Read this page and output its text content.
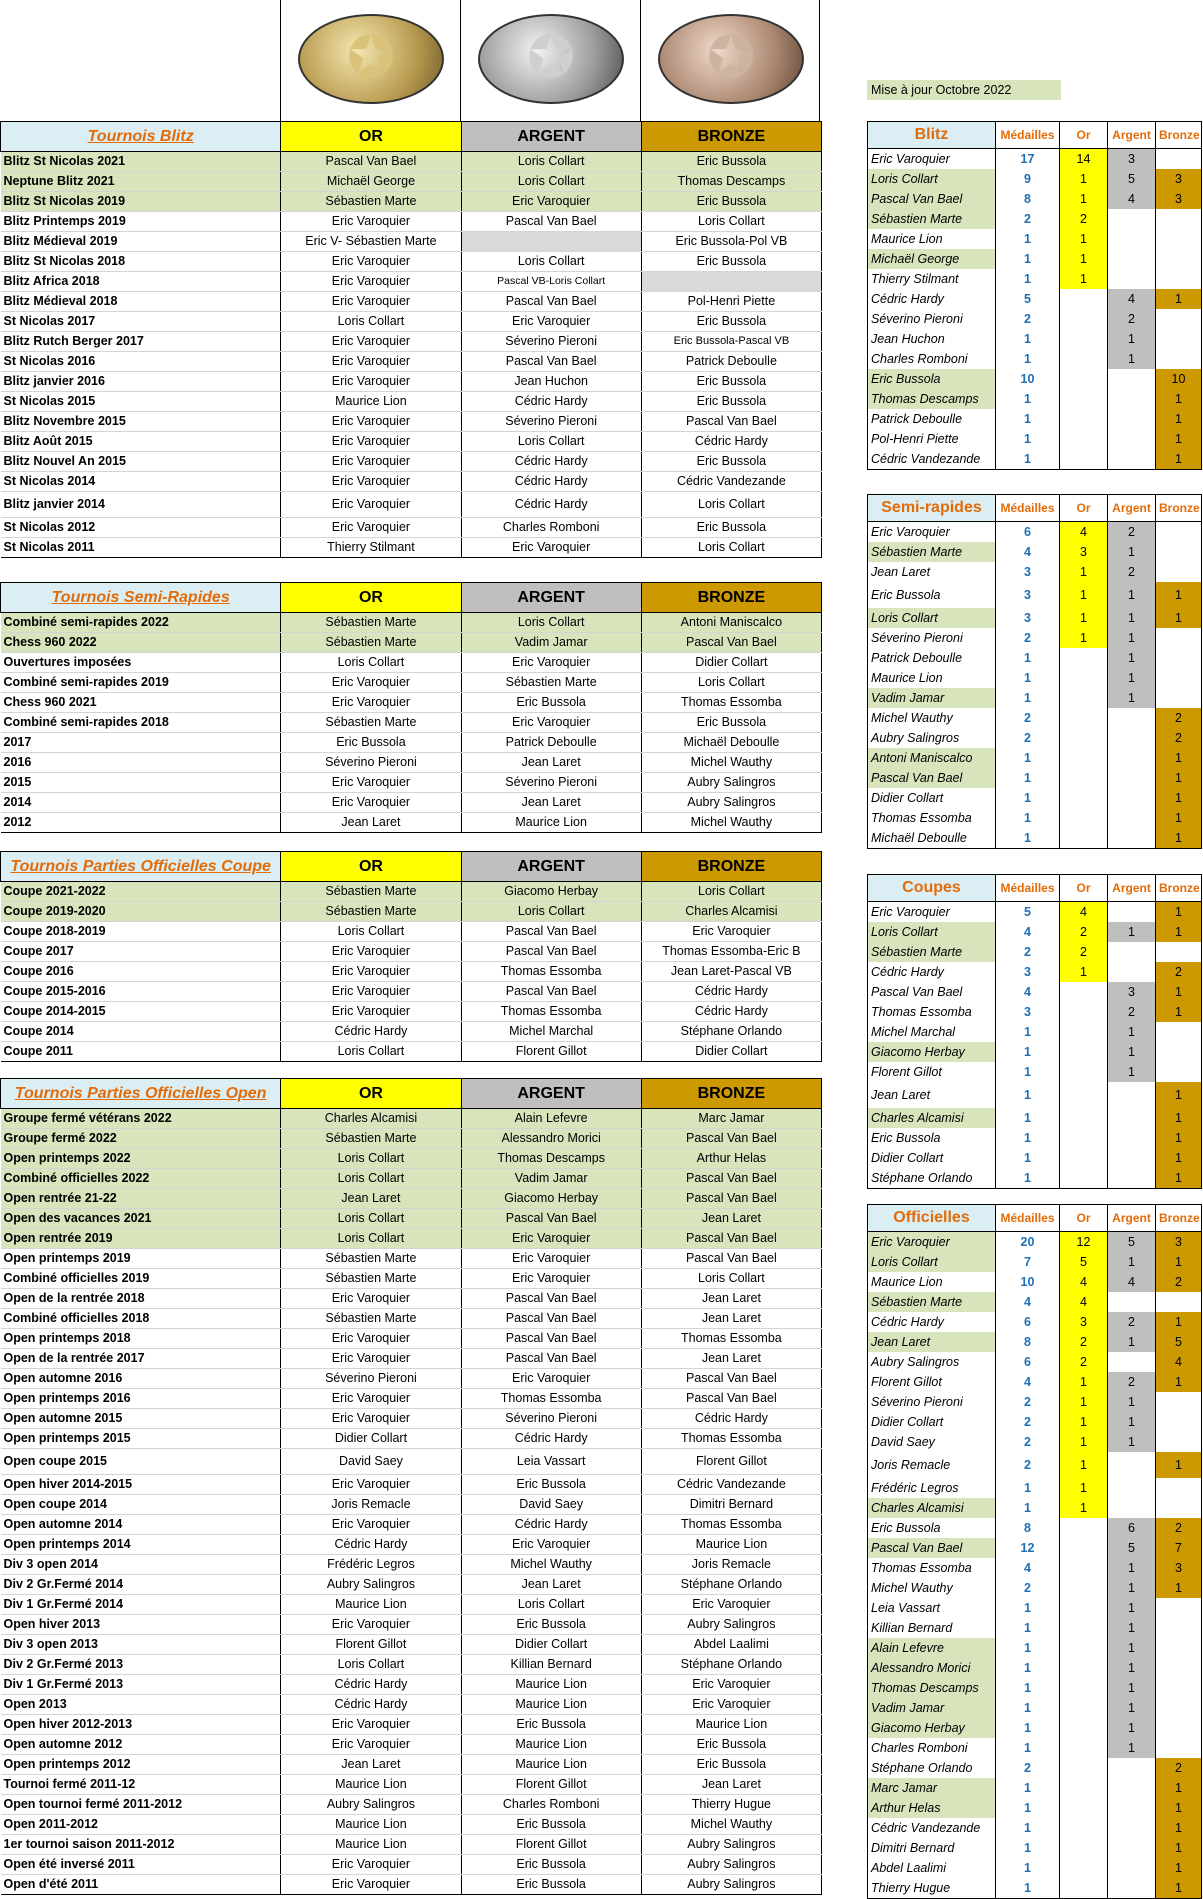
✪	✪	✪	Mise à jour Octobre 2022
Tournois Blitz	OR	ARGENT	BRONZE
Blitz St Nicolas 2021	Pascal Van Bael	Loris Collart	Eric Bussola
Neptune Blitz 2021	Michaël George	Loris Collart	Thomas Descamps
Blitz St Nicolas 2019	Sébastien Marte	Eric Varoquier	Eric Bussola
Blitz Printemps 2019	Eric Varoquier	Pascal Van Bael	Loris Collart
Blitz Médieval 2019	Eric V- Sébastien Marte		Eric Bussola-Pol VB
Blitz St Nicolas 2018	Eric Varoquier	Loris Collart	Eric Bussola
Blitz Africa 2018	Eric Varoquier	Pascal VB-Loris Collart	
Blitz Médieval 2018	Eric Varoquier	Pascal Van Bael	Pol-Henri Piette
St Nicolas 2017	Loris Collart	Eric Varoquier	Eric Bussola
Blitz Rutch Berger 2017	Eric Varoquier	Séverino Pieroni	Eric Bussola-Pascal VB
St Nicolas 2016	Eric Varoquier	Pascal Van Bael	Patrick Deboulle
Blitz janvier 2016	Eric Varoquier	Jean Huchon	Eric Bussola
St Nicolas 2015	Maurice Lion	Cédric Hardy	Eric Bussola
Blitz Novembre 2015	Eric Varoquier	Séverino Pieroni	Pascal Van Bael
Blitz Août 2015	Eric Varoquier	Loris Collart	Cédric Hardy
Blitz Nouvel An 2015	Eric Varoquier	Cédric Hardy	Eric Bussola
St Nicolas 2014	Eric Varoquier	Cédric Hardy	Cédric Vandezande
Blitz janvier 2014	Eric Varoquier	Cédric Hardy	Loris Collart
St Nicolas 2012	Eric Varoquier	Charles Romboni	Eric Bussola
St Nicolas 2011	Thierry Stilmant	Eric Varoquier	Loris Collart
Tournois Semi-Rapides	OR	ARGENT	BRONZE
Combiné semi-rapides 2022	Sébastien Marte	Loris Collart	Antoni Maniscalco
Chess 960 2022	Sébastien Marte	Vadim Jamar	Pascal Van Bael
Ouvertures imposées	Loris Collart	Eric Varoquier	Didier Collart
Combiné semi-rapides 2019	Eric Varoquier	Sébastien Marte	Loris Collart
Chess 960 2021	Eric Varoquier	Eric Bussola	Thomas Essomba
Combiné semi-rapides 2018	Sébastien Marte	Eric Varoquier	Eric Bussola
2017	Eric Bussola	Patrick Deboulle	Michaël Deboulle
2016	Séverino Pieroni	Jean Laret	Michel Wauthy
2015	Eric Varoquier	Séverino Pieroni	Aubry Salingros
2014	Eric Varoquier	Jean Laret	Aubry Salingros
2012	Jean Laret	Maurice Lion	Michel Wauthy
Tournois Parties Officielles Coupe	OR	ARGENT	BRONZE
Coupe 2021-2022	Sébastien Marte	Giacomo Herbay	Loris Collart
Coupe 2019-2020	Sébastien Marte	Loris Collart	Charles Alcamisi
Coupe 2018-2019	Loris Collart	Pascal Van Bael	Eric Varoquier
Coupe 2017	Eric Varoquier	Pascal Van Bael	Thomas Essomba-Eric B
Coupe 2016	Eric Varoquier	Thomas Essomba	Jean Laret-Pascal VB
Coupe 2015-2016	Eric Varoquier	Pascal Van Bael	Cédric Hardy
Coupe 2014-2015	Eric Varoquier	Thomas Essomba	Cédric Hardy
Coupe 2014	Cédric Hardy	Michel Marchal	Stéphane Orlando
Coupe 2011	Loris Collart	Florent Gillot	Didier Collart
Tournois Parties Officielles Open	OR	ARGENT	BRONZE
Groupe fermé vétérans 2022	Charles Alcamisi	Alain Lefevre	Marc Jamar
Groupe fermé 2022	Sébastien Marte	Alessandro Morici	Pascal Van Bael
Open printemps 2022	Loris Collart	Thomas Descamps	Arthur Helas
Combiné officielles 2022	Loris Collart	Vadim Jamar	Pascal Van Bael
Open rentrée 21-22	Jean Laret	Giacomo Herbay	Pascal Van Bael
Open des vacances 2021	Loris Collart	Pascal Van Bael	Jean Laret
Open rentrée 2019	Loris Collart	Eric Varoquier	Pascal Van Bael
Open printemps 2019	Sébastien Marte	Eric Varoquier	Pascal Van Bael
Combiné officielles 2019	Sébastien Marte	Eric Varoquier	Loris Collart
Open de la rentrée 2018	Eric Varoquier	Pascal Van Bael	Jean Laret
Combiné officielles 2018	Sébastien Marte	Pascal Van Bael	Jean Laret
Open printemps 2018	Eric Varoquier	Pascal Van Bael	Thomas Essomba
Open de la rentrée 2017	Eric Varoquier	Pascal Van Bael	Jean Laret
Open automne 2016	Séverino Pieroni	Eric Varoquier	Pascal Van Bael
Open printemps 2016	Eric Varoquier	Thomas Essomba	Pascal Van Bael
Open automne 2015	Eric Varoquier	Séverino Pieroni	Cédric Hardy
Open printemps 2015	Didier Collart	Cédric Hardy	Thomas Essomba
Open coupe 2015	David Saey	Leia Vassart	Florent Gillot
Open hiver 2014-2015	Eric Varoquier	Eric Bussola	Cédric Vandezande
Open coupe 2014	Joris Remacle	David Saey	Dimitri Bernard
Open automne 2014	Eric Varoquier	Cédric Hardy	Thomas Essomba
Open printemps 2014	Cédric Hardy	Eric Varoquier	Maurice Lion
Div 3 open 2014	Frédéric Legros	Michel Wauthy	Joris Remacle
Div 2 Gr.Fermé 2014	Aubry Salingros	Jean Laret	Stéphane Orlando
Div 1 Gr.Fermé 2014	Maurice Lion	Loris Collart	Eric Varoquier
Open hiver 2013	Eric Varoquier	Eric Bussola	Aubry Salingros
Div 3 open 2013	Florent Gillot	Didier Collart	Abdel Laalimi
Div 2 Gr.Fermé 2013	Loris Collart	Killian Bernard	Stéphane Orlando
Div 1 Gr.Fermé 2013	Cédric Hardy	Maurice Lion	Eric Varoquier
Open 2013	Cédric Hardy	Maurice Lion	Eric Varoquier
Open hiver 2012-2013	Eric Varoquier	Eric Bussola	Maurice Lion
Open automne 2012	Eric Varoquier	Maurice Lion	Eric Bussola
Open printemps 2012	Jean Laret	Maurice Lion	Eric Bussola
Tournoi fermé 2011-12	Maurice Lion	Florent Gillot	Jean Laret
Open tournoi fermé 2011-2012	Aubry Salingros	Charles Romboni	Thierry Hugue
Open 2011-2012	Maurice Lion	Eric Bussola	Michel Wauthy
1er tournoi saison 2011-2012	Maurice Lion	Florent Gillot	Aubry Salingros
Open été inversé 2011	Eric Varoquier	Eric Bussola	Aubry Salingros
Open d'été 2011	Eric Varoquier	Eric Bussola	Aubry Salingros
Blitz	Médailles	Or	Argent	Bronze
Eric Varoquier	17	14	3	
Loris Collart	9	1	5	3
Pascal Van Bael	8	1	4	3
Sébastien Marte	2	2		
Maurice Lion	1	1		
Michaël George	1	1		
Thierry Stilmant	1	1		
Cédric Hardy	5		4	1
Séverino Pieroni	2		2	
Jean Huchon	1		1	
Charles Romboni	1		1	
Eric Bussola	10			10
Thomas Descamps	1			1
Patrick Deboulle	1			1
Pol-Henri Piette	1			1
Cédric Vandezande	1			1
Semi-rapides	Médailles	Or	Argent	Bronze
Eric Varoquier	6	4	2	
Sébastien Marte	4	3	1	
Jean Laret	3	1	2	
Eric Bussola	3	1	1	1
Loris Collart	3	1	1	1
Séverino Pieroni	2	1	1	
Patrick Deboulle	1		1	
Maurice Lion	1		1	
Vadim Jamar	1		1	
Michel Wauthy	2			2
Aubry Salingros	2			2
Antoni Maniscalco	1			1
Pascal Van Bael	1			1
Didier Collart	1			1
Thomas Essomba	1			1
Michaël Deboulle	1			1
Coupes	Médailles	Or	Argent	Bronze
Eric Varoquier	5	4		1
Loris Collart	4	2	1	1
Sébastien Marte	2	2		
Cédric Hardy	3	1		2
Pascal Van Bael	4		3	1
Thomas Essomba	3		2	1
Michel Marchal	1		1	
Giacomo Herbay	1		1	
Florent Gillot	1		1	
Jean Laret	1			1
Charles Alcamisi	1			1
Eric Bussola	1			1
Didier Collart	1			1
Stéphane Orlando	1			1
Officielles	Médailles	Or	Argent	Bronze
Eric Varoquier	20	12	5	3
Loris Collart	7	5	1	1
Maurice Lion	10	4	4	2
Sébastien Marte	4	4		
Cédric Hardy	6	3	2	1
Jean Laret	8	2	1	5
Aubry Salingros	6	2		4
Florent Gillot	4	1	2	1
Séverino Pieroni	2	1	1	
Didier Collart	2	1	1	
David Saey	2	1	1	
Joris Remacle	2	1		1
Frédéric Legros	1	1		
Charles Alcamisi	1	1		
Eric Bussola	8		6	2
Pascal Van Bael	12		5	7
Thomas Essomba	4		1	3
Michel Wauthy	2		1	1
Leia Vassart	1		1	
Killian Bernard	1		1	
Alain Lefevre	1		1	
Alessandro Morici	1		1	
Thomas Descamps	1		1	
Vadim Jamar	1		1	
Giacomo Herbay	1		1	
Charles Romboni	1		1	
Stéphane Orlando	2			2
Marc Jamar	1			1
Arthur Helas	1			1
Cédric Vandezande	1			1
Dimitri Bernard	1			1
Abdel Laalimi	1			1
Thierry Hugue	1			1
